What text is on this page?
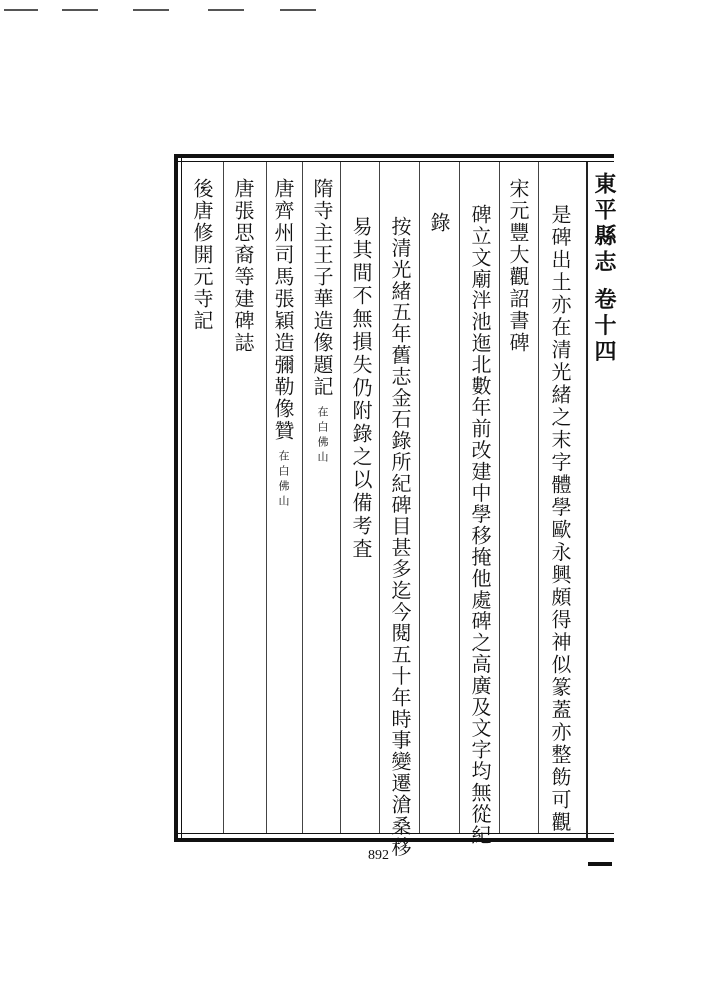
是碑出土亦在清光緒之末字體學歐永興頗得神似篆蓋亦整飭可觀
宋元豐大觀詔書碑
碑立文廟泮池迤北數年前改建中學移掩他處碑之高廣及文字均無從紀
錄
按清光緒五年舊志金石錄所紀碑目甚多迄今閱五十年時事變遷滄桑移
易其間不無損失仍附錄之以備考査
隋寺主王子華造像題記在白佛山
唐齊州司馬張穎造彌勒像贊在白佛山
唐張思裔等建碑誌
後唐修開元寺記	東平縣志 卷十四
892
